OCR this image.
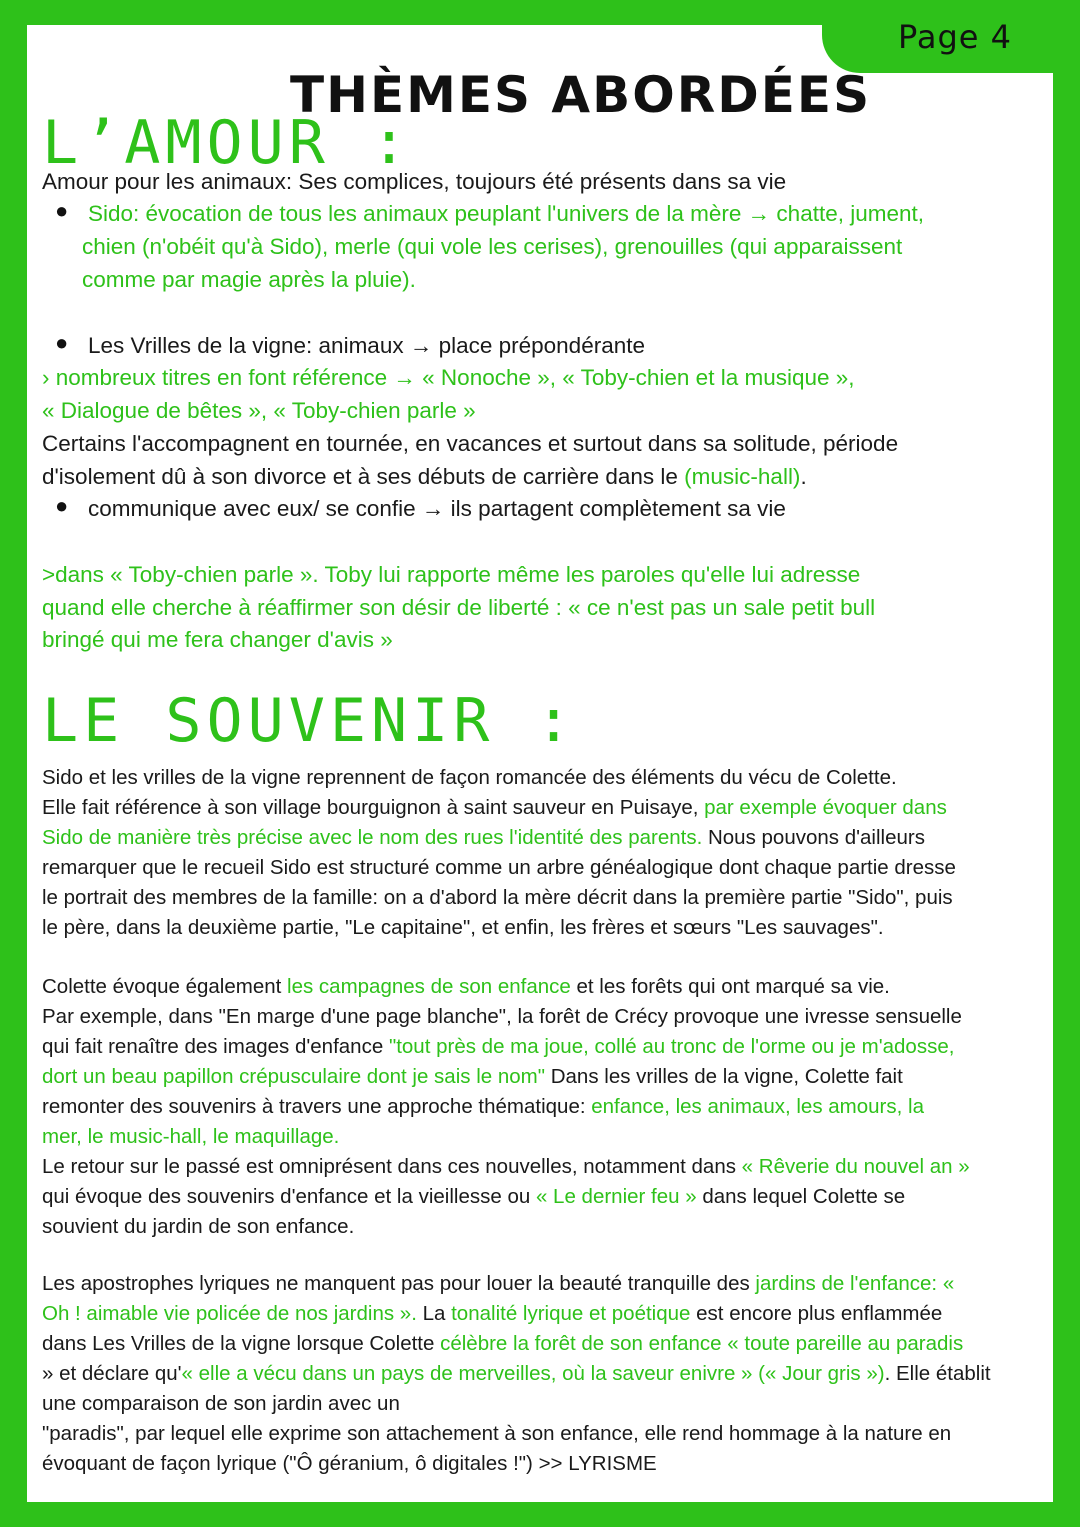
Page 4
THÈMES ABORDÉES
L’AMOUR :
Amour pour les animaux: Ses complices, toujours été présents dans sa vie
● Sido: évocation de tous les animaux peuplant l'univers de la mère → chatte, jument,
chien (n'obéit qu'à Sido), merle (qui vole les cerises), grenouilles (qui apparaissent
comme par magie après la pluie).
● Les Vrilles de la vigne: animaux → place prépondérante
› nombreux titres en font référence → « Nonoche », « Toby-chien et la musique »,
« Dialogue de bêtes », « Toby-chien parle »
Certains l'accompagnent en tournée, en vacances et surtout dans sa solitude, période
d'isolement dû à son divorce et à ses débuts de carrière dans le (music-hall).
● communique avec eux/ se confie → ils partagent complètement sa vie
>dans « Toby-chien parle ». Toby lui rapporte même les paroles qu'elle lui adresse
quand elle cherche à réaffirmer son désir de liberté : « ce n'est pas un sale petit bull
bringé qui me fera changer d'avis »
LE SOUVENIR :
Sido et les vrilles de la vigne reprennent de façon romancée des éléments du vécu de Colette.
Elle fait référence à son village bourguignon à saint sauveur en Puisaye, par exemple évoquer dans
Sido de manière très précise avec le nom des rues l'identité des parents. Nous pouvons d'ailleurs
remarquer que le recueil Sido est structuré comme un arbre généalogique dont chaque partie dresse
le portrait des membres de la famille: on a d'abord la mère décrit dans la première partie "Sido", puis
le père, dans la deuxième partie, "Le capitaine", et enfin, les frères et sœurs "Les sauvages".
Colette évoque également les campagnes de son enfance et les forêts qui ont marqué sa vie.
Par exemple, dans "En marge d'une page blanche", la forêt de Crécy provoque une ivresse sensuelle
qui fait renaître des images d'enfance "tout près de ma joue, collé au tronc de l'orme ou je m'adosse,
dort un beau papillon crépusculaire dont je sais le nom" Dans les vrilles de la vigne, Colette fait
remonter des souvenirs à travers une approche thématique: enfance, les animaux, les amours, la
mer, le music-hall, le maquillage.
Le retour sur le passé est omniprésent dans ces nouvelles, notamment dans « Rêverie du nouvel an »
qui évoque des souvenirs d'enfance et la vieillesse ou « Le dernier feu » dans lequel Colette se
souvient du jardin de son enfance.
Les apostrophes lyriques ne manquent pas pour louer la beauté tranquille des jardins de l'enfance: «
Oh ! aimable vie policée de nos jardins ». La tonalité lyrique et poétique est encore plus enflammée
dans Les Vrilles de la vigne lorsque Colette célèbre la forêt de son enfance « toute pareille au paradis
» et déclare qu'« elle a vécu dans un pays de merveilles, où la saveur enivre » (« Jour gris »). Elle établit
une comparaison de son jardin avec un
"paradis", par lequel elle exprime son attachement à son enfance, elle rend hommage à la nature en
évoquant de façon lyrique ("Ô géranium, ô digitales !") >> LYRISME
